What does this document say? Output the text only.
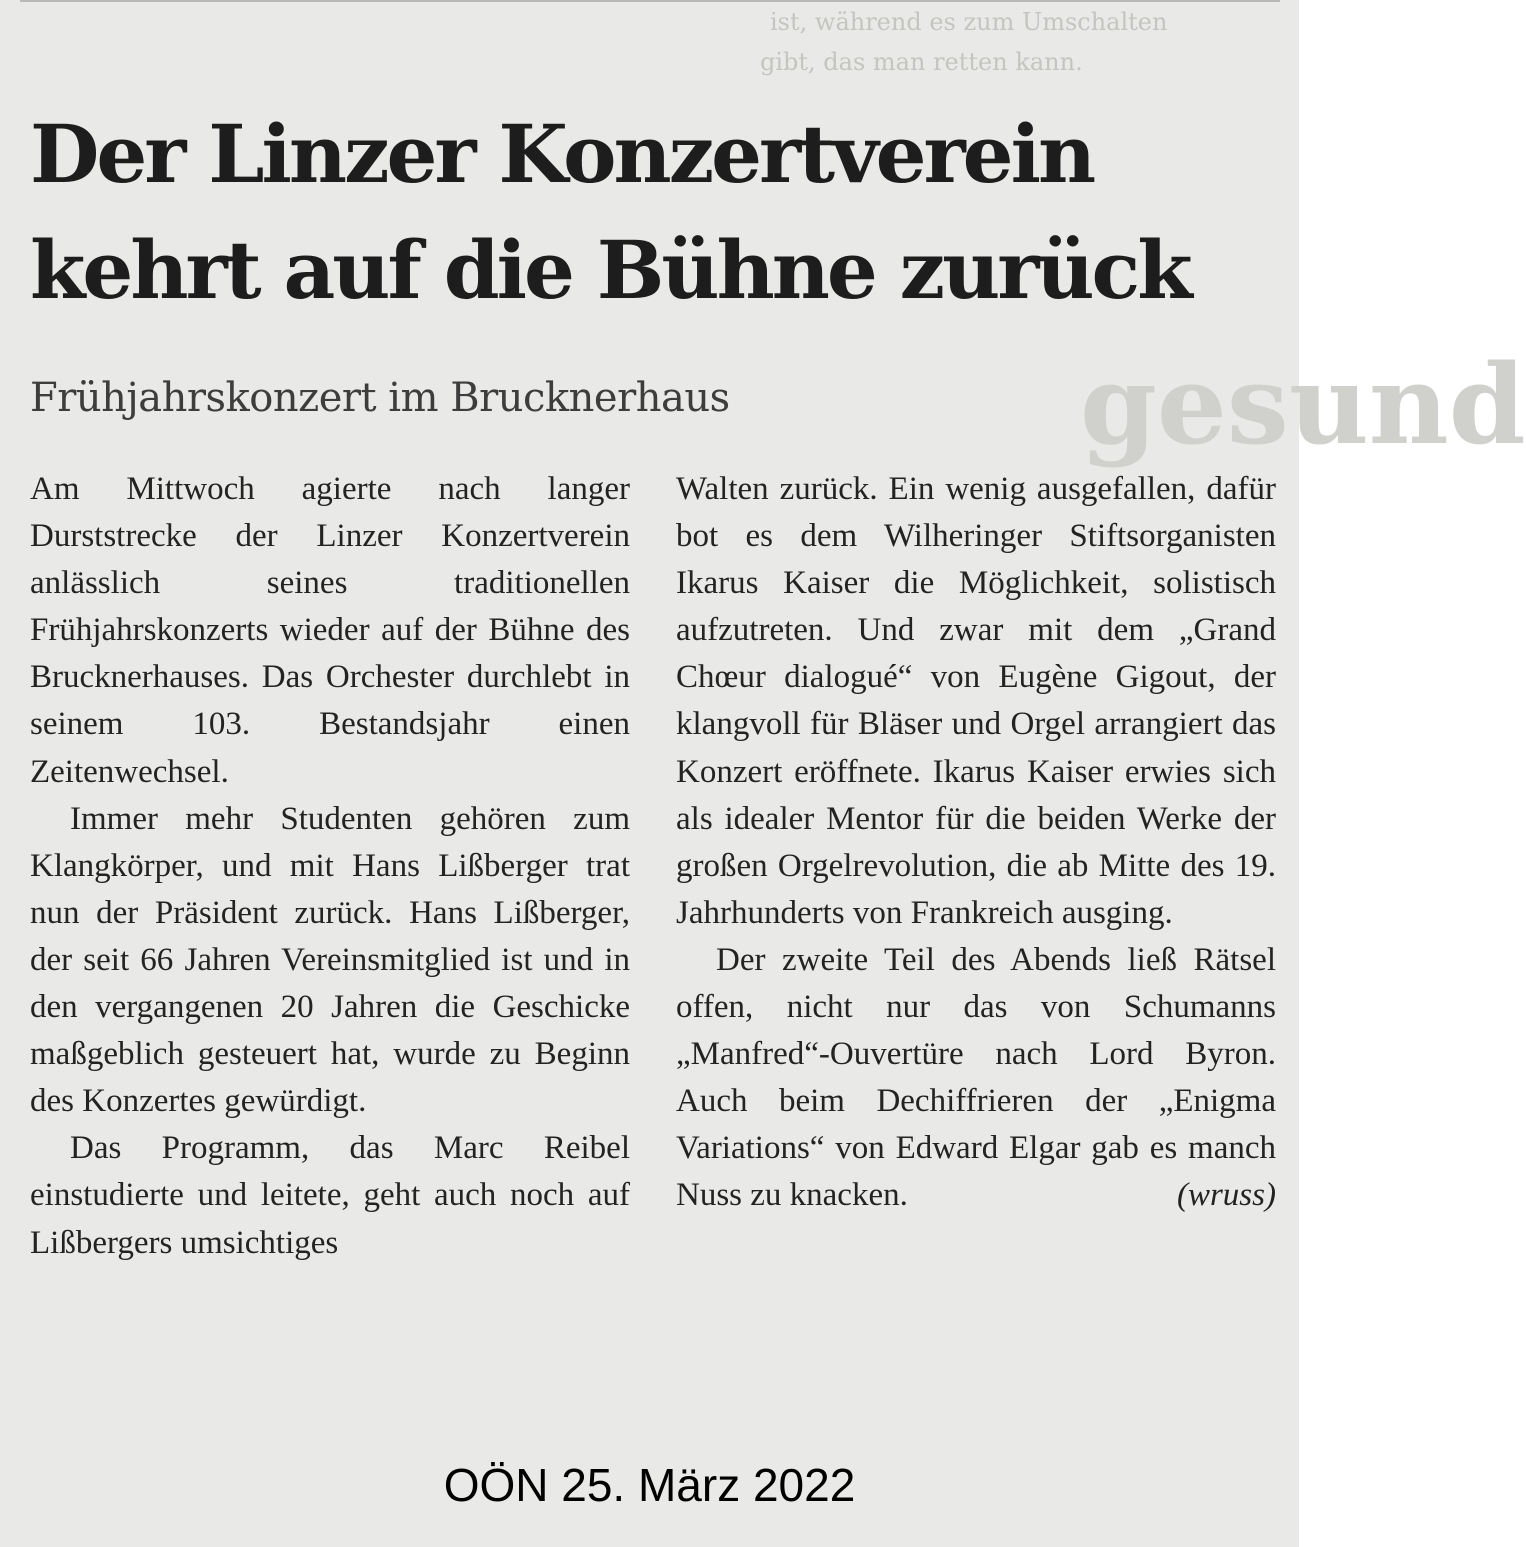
ist, während es zum Umschalten
gibt, das man retten kann.
gesund
Der Linzer Konzertverein kehrt auf die Bühne zurück
Frühjahrskonzert im Brucknerhaus

Am Mittwoch agierte nach langer Durststrecke der Linzer Konzertverein anlässlich seines traditionellen Frühjahrskonzerts wieder auf der Bühne des Brucknerhauses. Das Orchester durchlebt in seinem 103. Bestandsjahr einen Zeitenwechsel.

Immer mehr Studenten gehören zum Klangkörper, und mit Hans Lißberger trat nun der Präsident zurück. Hans Lißberger, der seit 66 Jahren Vereinsmitglied ist und in den vergangenen 20 Jahren die Geschicke maßgeblich gesteuert hat, wurde zu Beginn des Konzertes gewürdigt.

Das Programm, das Marc Reibel einstudierte und leitete, geht auch noch auf Lißbergers umsichtiges

Walten zurück. Ein wenig ausgefallen, dafür bot es dem Wilheringer Stiftsorganisten Ikarus Kaiser die Möglichkeit, solistisch aufzutreten. Und zwar mit dem „Grand Chœur dialogué“ von Eugène Gigout, der klangvoll für Bläser und Orgel arrangiert das Konzert eröffnete. Ikarus Kaiser erwies sich als idealer Mentor für die beiden Werke der großen Orgelrevolution, die ab Mitte des 19. Jahrhunderts von Frankreich ausging.

Der zweite Teil des Abends ließ Rätsel offen, nicht nur das von Schumanns „Manfred“-Ouvertüre nach Lord Byron. Auch beim Dechiffrieren der „Enigma Variations“ von Edward Elgar gab es manch Nuss zu knacken.	(wruss)

OÖN 25. März 2022
